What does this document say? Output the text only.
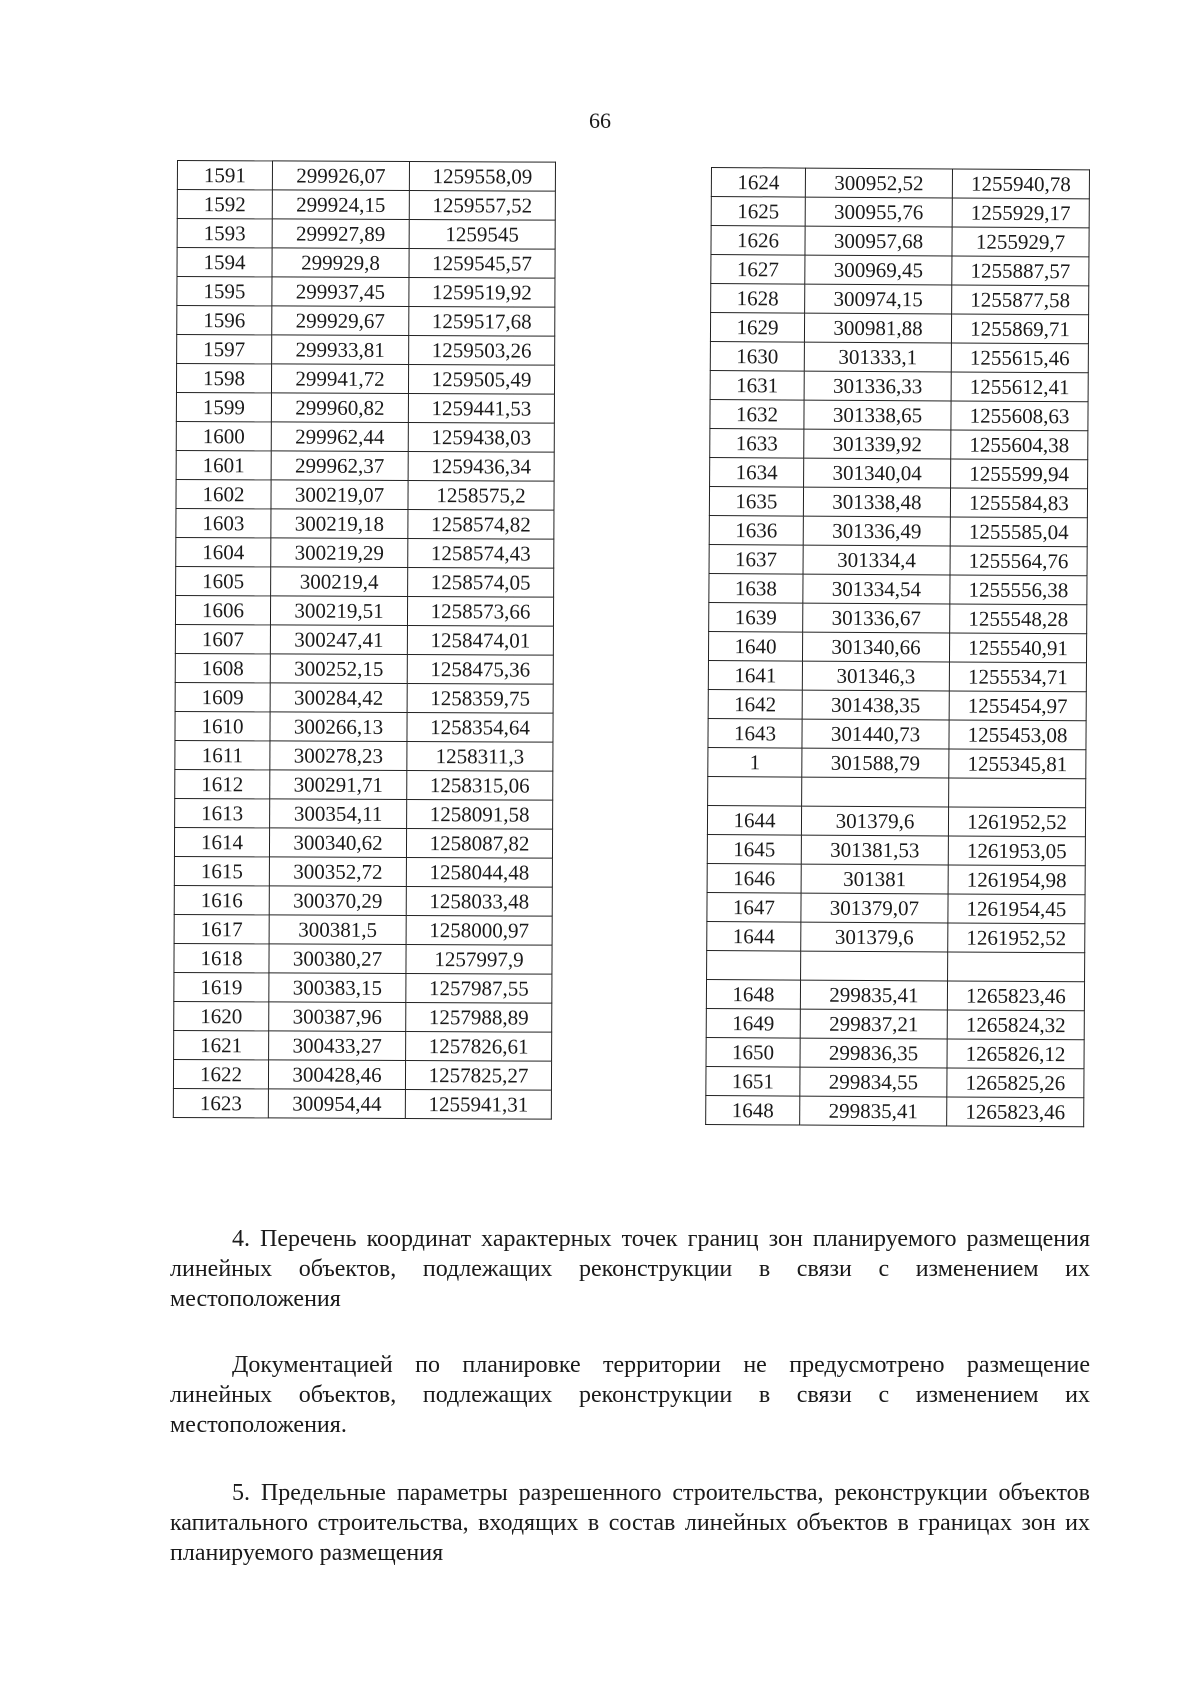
66
1591	299926,07	1259558,09
1592	299924,15	1259557,52
1593	299927,89	1259545
1594	299929,8	1259545,57
1595	299937,45	1259519,92
1596	299929,67	1259517,68
1597	299933,81	1259503,26
1598	299941,72	1259505,49
1599	299960,82	1259441,53
1600	299962,44	1259438,03
1601	299962,37	1259436,34
1602	300219,07	1258575,2
1603	300219,18	1258574,82
1604	300219,29	1258574,43
1605	300219,4	1258574,05
1606	300219,51	1258573,66
1607	300247,41	1258474,01
1608	300252,15	1258475,36
1609	300284,42	1258359,75
1610	300266,13	1258354,64
1611	300278,23	1258311,3
1612	300291,71	1258315,06
1613	300354,11	1258091,58
1614	300340,62	1258087,82
1615	300352,72	1258044,48
1616	300370,29	1258033,48
1617	300381,5	1258000,97
1618	300380,27	1257997,9
1619	300383,15	1257987,55
1620	300387,96	1257988,89
1621	300433,27	1257826,61
1622	300428,46	1257825,27
1623	300954,44	1255941,31
1624	300952,52	1255940,78
1625	300955,76	1255929,17
1626	300957,68	1255929,7
1627	300969,45	1255887,57
1628	300974,15	1255877,58
1629	300981,88	1255869,71
1630	301333,1	1255615,46
1631	301336,33	1255612,41
1632	301338,65	1255608,63
1633	301339,92	1255604,38
1634	301340,04	1255599,94
1635	301338,48	1255584,83
1636	301336,49	1255585,04
1637	301334,4	1255564,76
1638	301334,54	1255556,38
1639	301336,67	1255548,28
1640	301340,66	1255540,91
1641	301346,3	1255534,71
1642	301438,35	1255454,97
1643	301440,73	1255453,08
1	301588,79	1255345,81

1644	301379,6	1261952,52
1645	301381,53	1261953,05
1646	301381	1261954,98
1647	301379,07	1261954,45
1644	301379,6	1261952,52

1648	299835,41	1265823,46
1649	299837,21	1265824,32
1650	299836,35	1265826,12
1651	299834,55	1265825,26
1648	299835,41	1265823,46

4. Перечень координат характерных точек границ зон планируемого размещения линейных объектов, подлежащих реконструкции в связи с изменением их местоположения

Документацией по планировке территории не предусмотрено размещение линейных объектов, подлежащих реконструкции в связи с изменением их местоположения.

5. Предельные параметры разрешенного строительства, реконструкции объектов капитального строительства, входящих в состав линейных объектов в границах зон их планируемого размещения
